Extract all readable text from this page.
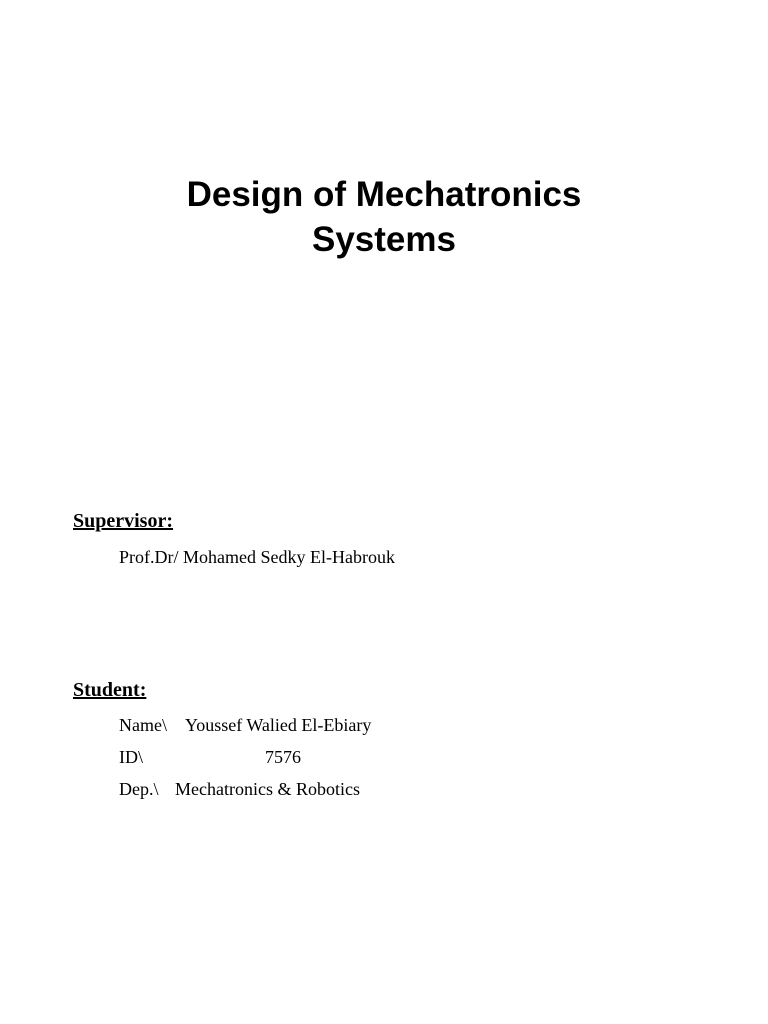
Design of Mechatronics
Systems
Supervisor:

Prof.Dr/ Mohamed Sedky El-Habrouk

Student:

Name\ Youssef Walied El-Ebiary

ID\	7576

Dep.\ Mechatronics & Robotics
